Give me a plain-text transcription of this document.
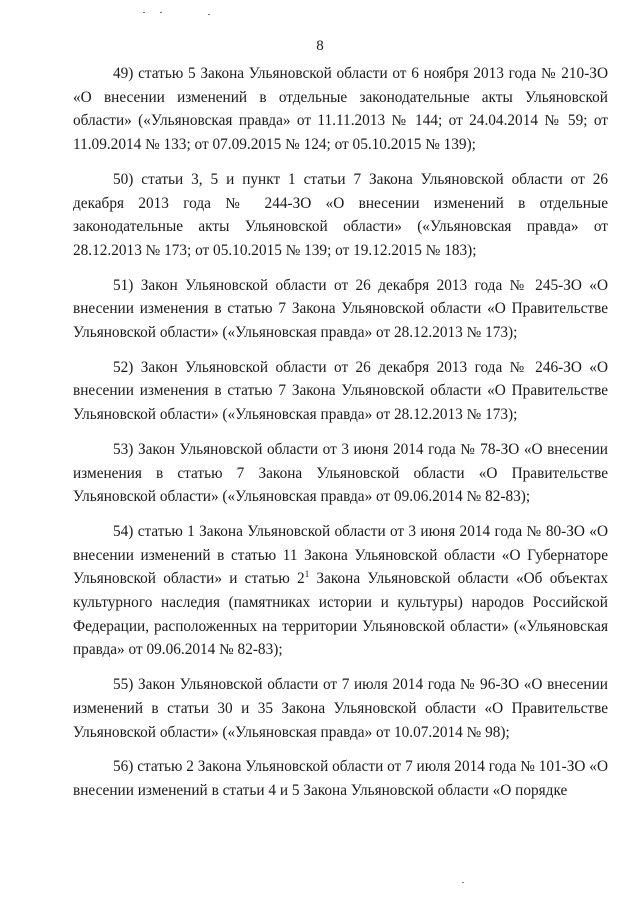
8

49) статью 5 Закона Ульяновской области от 6 ноября 2013 года № 210-ЗО «О внесении изменений в отдельные законодательные акты Ульяновской области» («Ульяновская правда» от 11.11.2013 № 144; от 24.04.2014 № 59; от 11.09.2014 № 133; от 07.09.2015 № 124; от 05.10.2015 № 139);

50) статьи 3, 5 и пункт 1 статьи 7 Закона Ульяновской области от 26 декабря 2013 года № 244-ЗО «О внесении изменений в отдельные законодательные акты Ульяновской области» («Ульяновская правда» от 28.12.2013 № 173; от 05.10.2015 № 139; от 19.12.2015 № 183);

51) Закон Ульяновской области от 26 декабря 2013 года № 245-ЗО «О внесении изменения в статью 7 Закона Ульяновской области «О Правительстве Ульяновской области» («Ульяновская правда» от 28.12.2013 № 173);

52) Закон Ульяновской области от 26 декабря 2013 года № 246-ЗО «О внесении изменения в статью 7 Закона Ульяновской области «О Правительстве Ульяновской области» («Ульяновская правда» от 28.12.2013 № 173);

53) Закон Ульяновской области от 3 июня 2014 года № 78-ЗО «О внесении изменения в статью 7 Закона Ульяновской области «О Правительстве Ульяновской области» («Ульяновская правда» от 09.06.2014 № 82-83);

54) статью 1 Закона Ульяновской области от 3 июня 2014 года № 80-ЗО «О внесении изменений в статью 11 Закона Ульяновской области «О Губернаторе Ульяновской области» и статью $2^1$ Закона Ульяновской области «Об объектах культурного наследия (памятниках истории и культуры) народов Российской Федерации, расположенных на территории Ульяновской области» («Ульяновская правда» от 09.06.2014 № 82-83);

55) Закон Ульяновской области от 7 июля 2014 года № 96-ЗО «О внесении изменений в статьи 30 и 35 Закона Ульяновской области «О Правительстве Ульяновской области» («Ульяновская правда» от 10.07.2014 № 98);

56) статью 2 Закона Ульяновской области от 7 июля 2014 года № 101-ЗО «О внесении изменений в статьи 4 и 5 Закона Ульяновской области «О порядке
